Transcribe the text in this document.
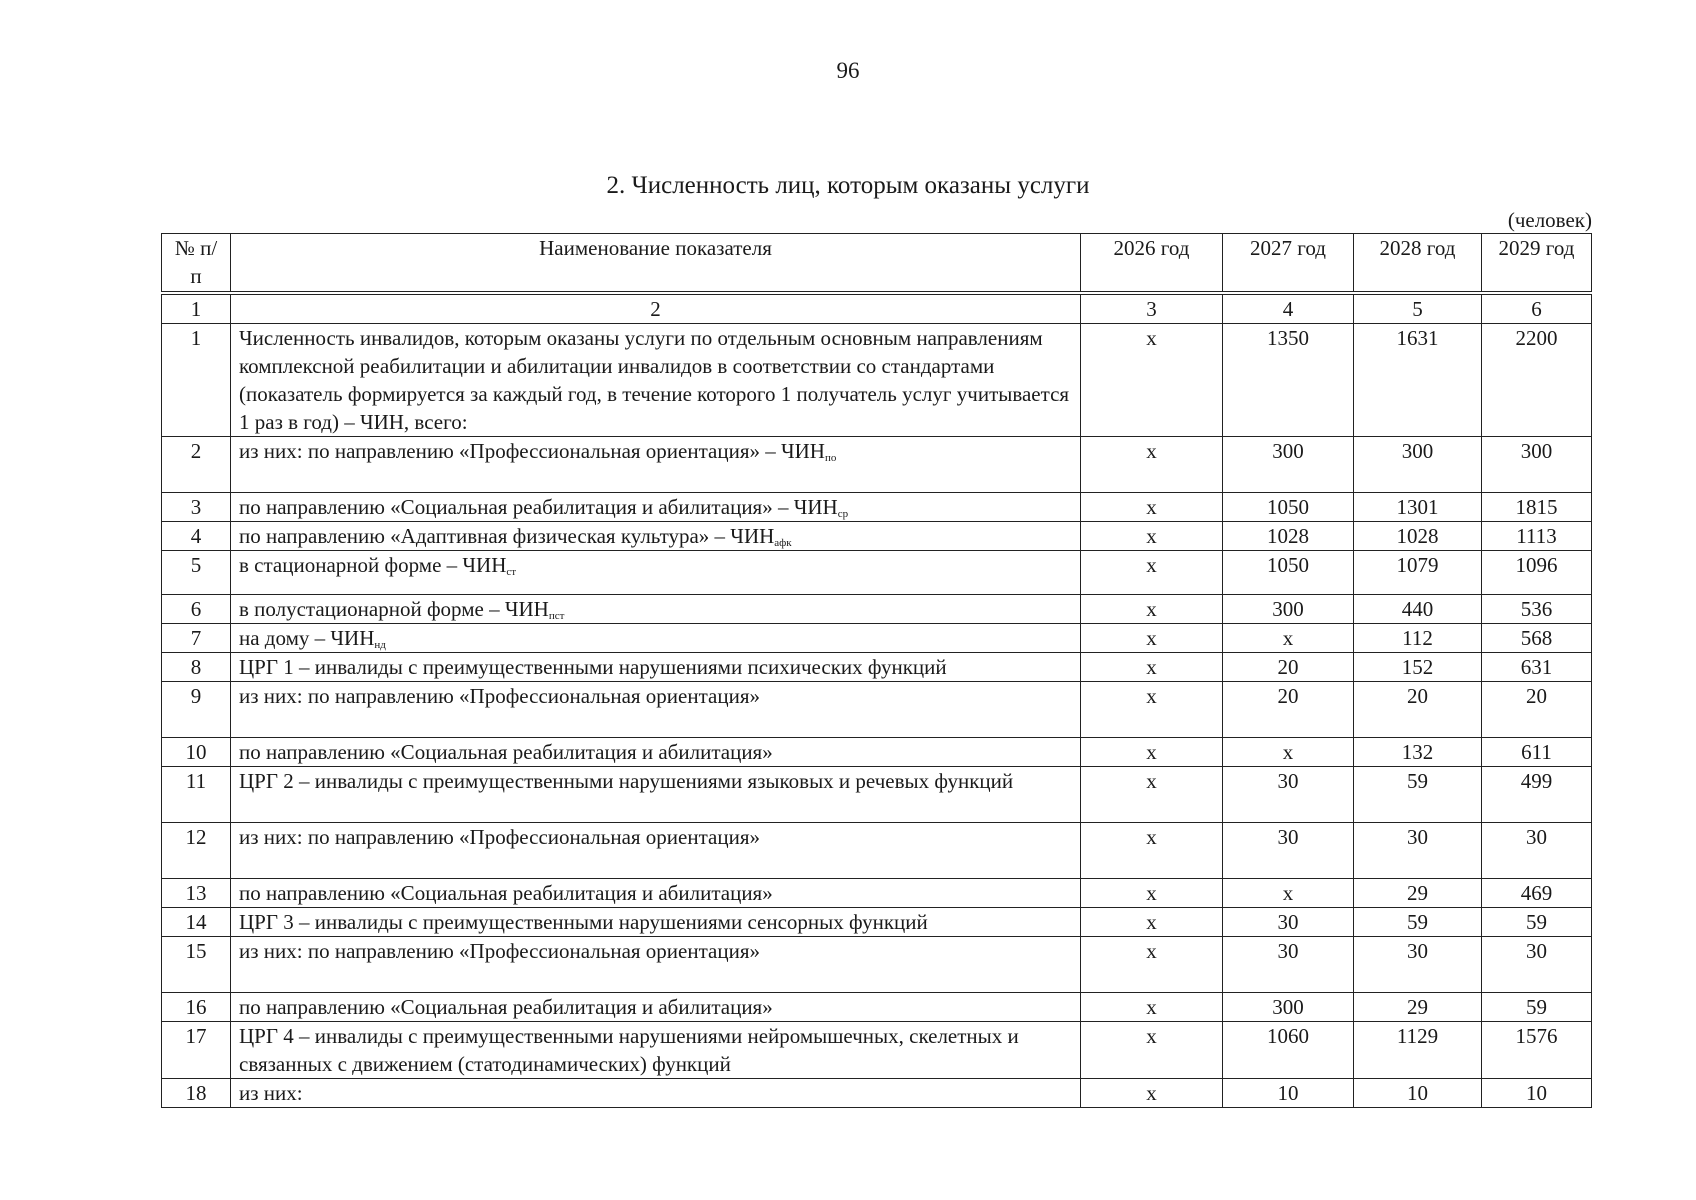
96
2. Численность лиц, которым оказаны услуги
(человек)
№ п/п	Наименование показателя	2026 год	2027 год	2028 год	2029 год
1	2	3	4	5	6
1	Численность инвалидов, которым оказаны услуги по отдельным основным направлениям комплексной реабилитации и абилитации инвалидов в соответствии со стандартами (показатель формируется за каждый год, в течение которого 1 получатель услуг учитывается 1 раз в год) – ЧИН, всего:	х	1350	1631	2200
2	из них: по направлению «Профессиональная ориентация» – $ЧИН_{по}$	х	300	300	300
3	по направлению «Социальная реабилитация и абилитация» – $ЧИН_{ср}$	х	1050	1301	1815
4	по направлению «Адаптивная физическая культура» – $ЧИН_{афк}$	х	1028	1028	1113
5	в стационарной форме – $ЧИН_{ст}$	х	1050	1079	1096
6	в полустационарной форме – $ЧИН_{пст}$	х	300	440	536
7	на дому – $ЧИН_{нд}$	х	х	112	568
8	ЦРГ 1 – инвалиды с преимущественными нарушениями психических функций	х	20	152	631
9	из них: по направлению «Профессиональная ориентация»	х	20	20	20
10	по направлению «Социальная реабилитация и абилитация»	х	х	132	611
11	ЦРГ 2 – инвалиды с преимущественными нарушениями языковых и речевых функций	х	30	59	499
12	из них: по направлению «Профессиональная ориентация»	х	30	30	30
13	по направлению «Социальная реабилитация и абилитация»	х	х	29	469
14	ЦРГ 3 – инвалиды с преимущественными нарушениями сенсорных функций	х	30	59	59
15	из них: по направлению «Профессиональная ориентация»	х	30	30	30
16	по направлению «Социальная реабилитация и абилитация»	х	300	29	59
17	ЦРГ 4 – инвалиды с преимущественными нарушениями нейромышечных, скелетных и связанных с движением (статодинамических) функций	х	1060	1129	1576
18	из них:	х	10	10	10
